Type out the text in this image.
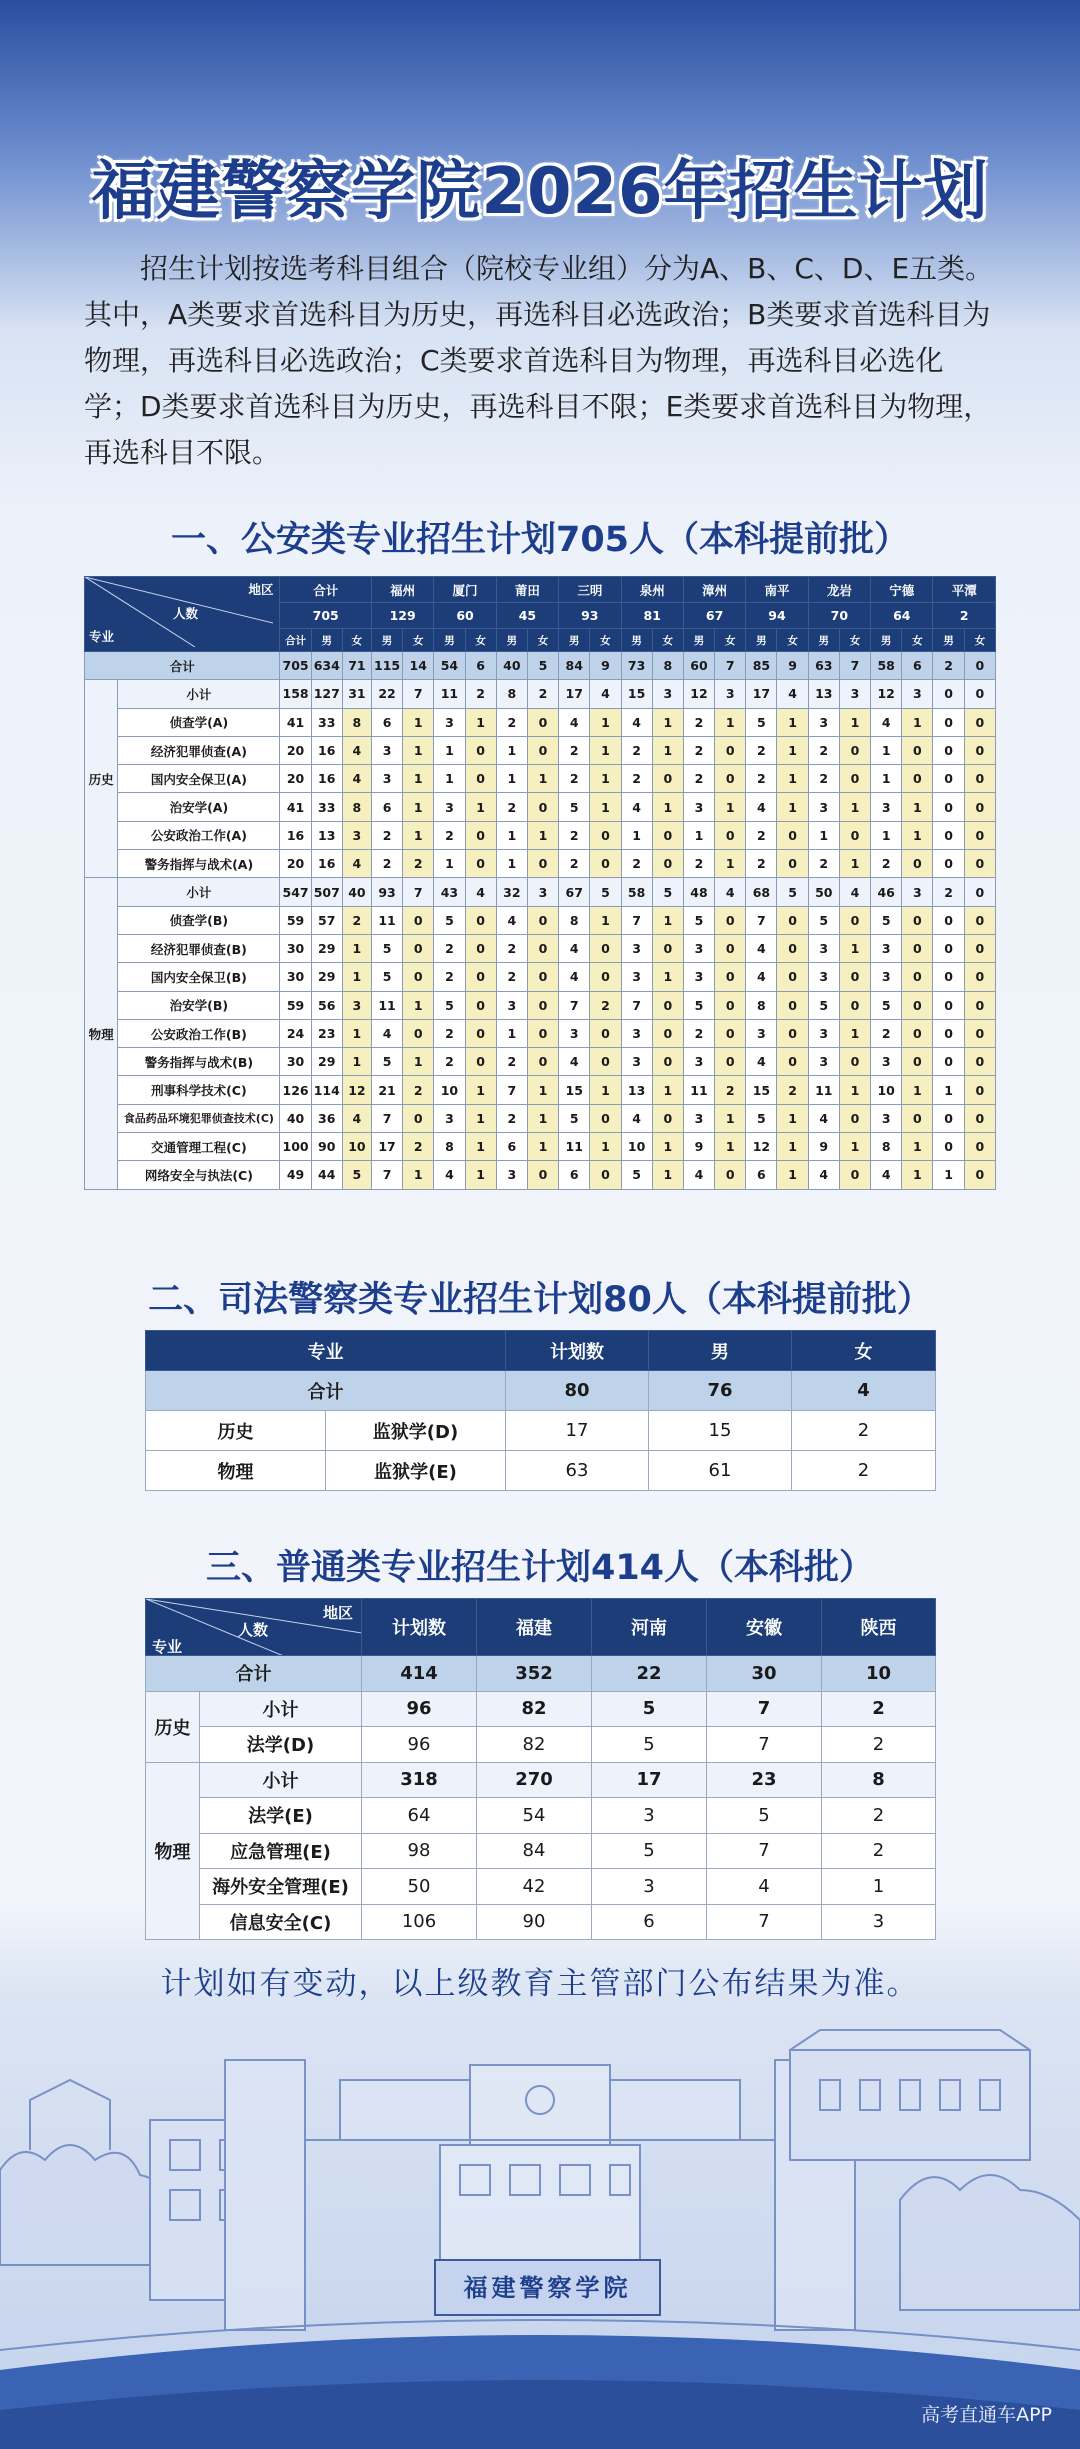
福建警察学院2026年招生计划
招生计划按选考科目组合（院校专业组）分为A、B、C、D、E五类。其中，A类要求首选科目为历史，再选科目必选政治；B类要求首选科目为物理，再选科目必选政治；C类要求首选科目为物理，再选科目必选化学；D类要求首选科目为历史，再选科目不限；E类要求首选科目为物理，再选科目不限。
一、公安类专业招生计划705人（本科提前批）
地区
人数
专业		合计			福州		厦门		莆田		三明		泉州		漳州		南平		龙岩		宁德		平潭	
		705			129		60		45		93		81		67		94		70		64		2	
		合计	男	女	男	女	男	女	男	女	男	女	男	女	男	女	男	女	男	女	男	女	男	女
合计		705	634	71	115	14	54	6	40	5	84	9	73	8	60	7	85	9	63	7	58	6	2	0
历史	小计	158	127	31	22	7	11	2	8	2	17	4	15	3	12	3	17	4	13	3	12	3	0	0
	侦查学(A)	41	33	8	6	1	3	1	2	0	4	1	4	1	2	1	5	1	3	1	4	1	0	0
	经济犯罪侦查(A)	20	16	4	3	1	1	0	1	0	2	1	2	1	2	0	2	1	2	0	1	0	0	0
	国内安全保卫(A)	20	16	4	3	1	1	0	1	1	2	1	2	0	2	0	2	1	2	0	1	0	0	0
	治安学(A)	41	33	8	6	1	3	1	2	0	5	1	4	1	3	1	4	1	3	1	3	1	0	0
	公安政治工作(A)	16	13	3	2	1	2	0	1	1	2	0	1	0	1	0	2	0	1	0	1	1	0	0
	警务指挥与战术(A)	20	16	4	2	2	1	0	1	0	2	0	2	0	2	1	2	0	2	1	2	0	0	0
物理	小计	547	507	40	93	7	43	4	32	3	67	5	58	5	48	4	68	5	50	4	46	3	2	0
	侦查学(B)	59	57	2	11	0	5	0	4	0	8	1	7	1	5	0	7	0	5	0	5	0	0	0
	经济犯罪侦查(B)	30	29	1	5	0	2	0	2	0	4	0	3	0	3	0	4	0	3	1	3	0	0	0
	国内安全保卫(B)	30	29	1	5	0	2	0	2	0	4	0	3	1	3	0	4	0	3	0	3	0	0	0
	治安学(B)	59	56	3	11	1	5	0	3	0	7	2	7	0	5	0	8	0	5	0	5	0	0	0
	公安政治工作(B)	24	23	1	4	0	2	0	1	0	3	0	3	0	2	0	3	0	3	1	2	0	0	0
	警务指挥与战术(B)	30	29	1	5	1	2	0	2	0	4	0	3	0	3	0	4	0	3	0	3	0	0	0
	刑事科学技术(C)	126	114	12	21	2	10	1	7	1	15	1	13	1	11	2	15	2	11	1	10	1	1	0
	食品药品环境犯罪侦查技术(C)	40	36	4	7	0	3	1	2	1	5	0	4	0	3	1	5	1	4	0	3	0	0	0
	交通管理工程(C)	100	90	10	17	2	8	1	6	1	11	1	10	1	9	1	12	1	9	1	8	1	0	0
	网络安全与执法(C)	49	44	5	7	1	4	1	3	0	6	0	5	1	4	0	6	1	4	0	4	1	1	0
二、司法警察类专业招生计划80人（本科提前批）
专业		计划数	男	女
合计		80	76	4
历史	监狱学(D)	17	15	2
物理	监狱学(E)	63	61	2
三、普通类专业招生计划414人（本科批）
地区
人数
专业		计划数	福建	河南	安徽	陕西
合计		414	352	22	30	10
历史	小计	96	82	5	7	2
	法学(D)	96	82	5	7	2
物理	小计	318	270	17	23	8
	法学(E)	64	54	3	5	2
	应急管理(E)	98	84	5	7	2
	海外安全管理(E)	50	42	3	4	1
	信息安全(C)	106	90	6	7	3
计划如有变动，以上级教育主管部门公布结果为准。
福建警察学院
高考直通车APP
